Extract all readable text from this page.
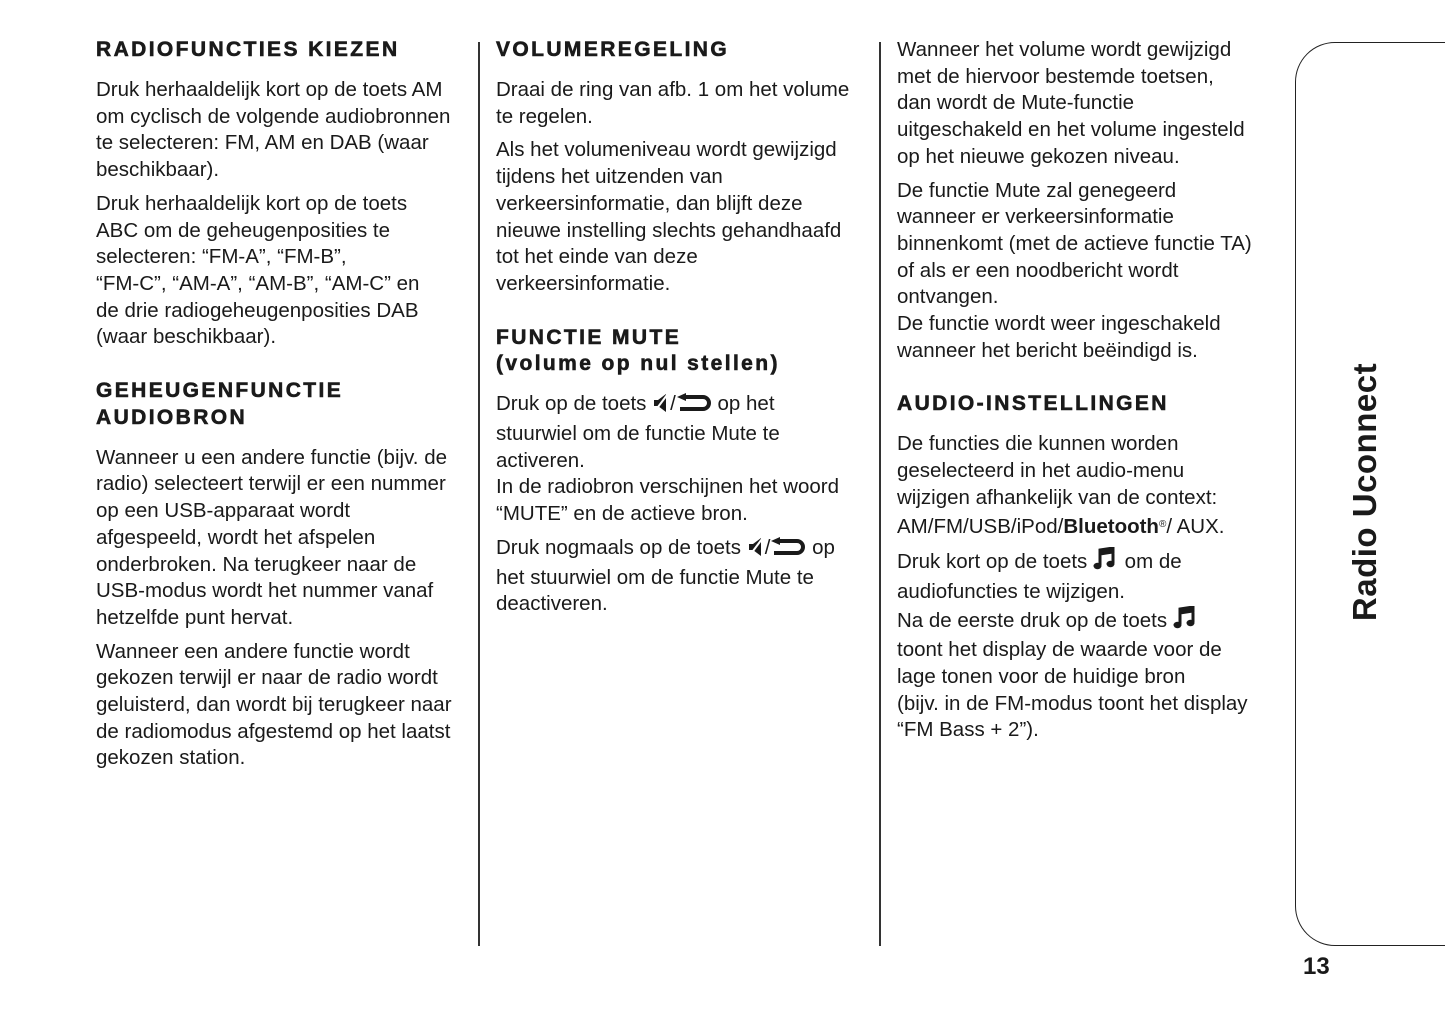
RADIOFUNCTIES KIEZEN
Druk herhaaldelijk kort op de toets AM
om cyclisch de volgende audiobronnen
te selecteren: FM, AM en DAB (waar
beschikbaar).
Druk herhaaldelijk kort op de toets
ABC om de geheugenposities te
selecteren: “FM-A”, “FM-B”,
“FM-C”, “AM-A”, “AM-B”, “AM-C” en
de drie radiogeheugenposities DAB
(waar beschikbaar).
GEHEUGENFUNCTIE
AUDIOBRON
Wanneer u een andere functie (bijv. de
radio) selecteert terwijl er een nummer
op een USB-apparaat wordt
afgespeeld, wordt het afspelen
onderbroken. Na terugkeer naar de
USB-modus wordt het nummer vanaf
hetzelfde punt hervat.
Wanneer een andere functie wordt
gekozen terwijl er naar de radio wordt
geluisterd, dan wordt bij terugkeer naar
de radiomodus afgestemd op het laatst
gekozen station.
VOLUMEREGELING
Draai de ring van afb. 1 om het volume
te regelen.
Als het volumeniveau wordt gewijzigd
tijdens het uitzenden van
verkeersinformatie, dan blijft deze
nieuwe instelling slechts gehandhaafd
tot het einde van deze
verkeersinformatie.
FUNCTIE MUTE
(volume op nul stellen)
Druk op de toets / op het
stuurwiel om de functie Mute te
activeren.
In de radiobron verschijnen het woord
“MUTE” en de actieve bron.
Druk nogmaals op de toets / op
het stuurwiel om de functie Mute te
deactiveren.
Wanneer het volume wordt gewijzigd
met de hiervoor bestemde toetsen,
dan wordt de Mute-functie
uitgeschakeld en het volume ingesteld
op het nieuwe gekozen niveau.
De functie Mute zal genegeerd
wanneer er verkeersinformatie
binnenkomt (met de actieve functie TA)
of als er een noodbericht wordt
ontvangen.
De functie wordt weer ingeschakeld
wanneer het bericht beëindigd is.
AUDIO-INSTELLINGEN
De functies die kunnen worden
geselecteerd in het audio-menu
wijzigen afhankelijk van de context:
AM/FM/USB/iPod/Bluetooth®/ AUX.
Druk kort op de toets  om de
audiofuncties te wijzigen.
Na de eerste druk op de toets
toont het display de waarde voor de
lage tonen voor de huidige bron
(bijv. in de FM-modus toont het display
“FM Bass + 2”).
Radio Uconnect
13
